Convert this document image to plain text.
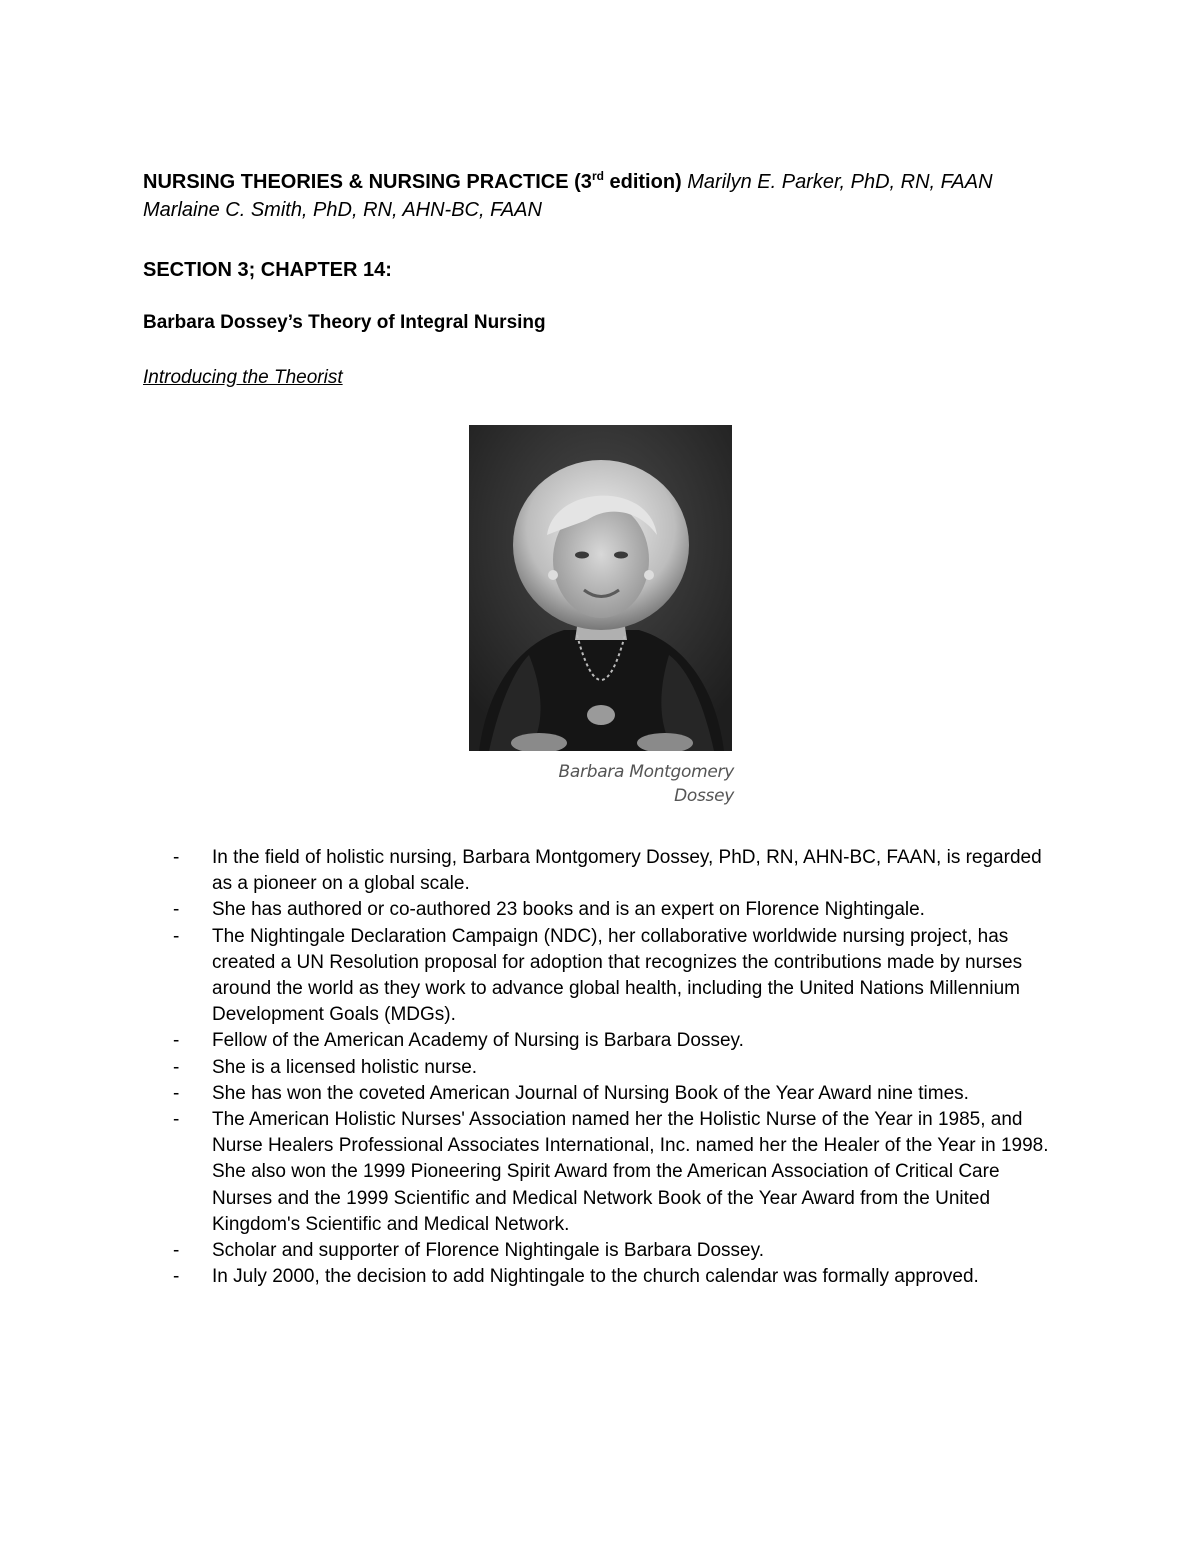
NURSING THEORIES & NURSING PRACTICE (3rd edition) Marilyn E. Parker, PhD, RN, FAAN Marlaine C. Smith, PhD, RN, AHN-BC, FAAN
SECTION 3; CHAPTER 14:
Barbara Dossey’s Theory of Integral Nursing
Introducing the Theorist
Barbara Montgomery
Dossey
- In the field of holistic nursing, Barbara Montgomery Dossey, PhD, RN, AHN-BC, FAAN, is regarded as a pioneer on a global scale.
- She has authored or co-authored 23 books and is an expert on Florence Nightingale.
- The Nightingale Declaration Campaign (NDC), her collaborative worldwide nursing project, has created a UN Resolution proposal for adoption that recognizes the contributions made by nurses around the world as they work to advance global health, including the United Nations Millennium Development Goals (MDGs).
- Fellow of the American Academy of Nursing is Barbara Dossey.
- She is a licensed holistic nurse.
- She has won the coveted American Journal of Nursing Book of the Year Award nine times.
- The American Holistic Nurses' Association named her the Holistic Nurse of the Year in 1985, and Nurse Healers Professional Associates International, Inc. named her the Healer of the Year in 1998. She also won the 1999 Pioneering Spirit Award from the American Association of Critical Care Nurses and the 1999 Scientific and Medical Network Book of the Year Award from the United Kingdom's Scientific and Medical Network.
- Scholar and supporter of Florence Nightingale is Barbara Dossey.
- In July 2000, the decision to add Nightingale to the church calendar was formally approved.
